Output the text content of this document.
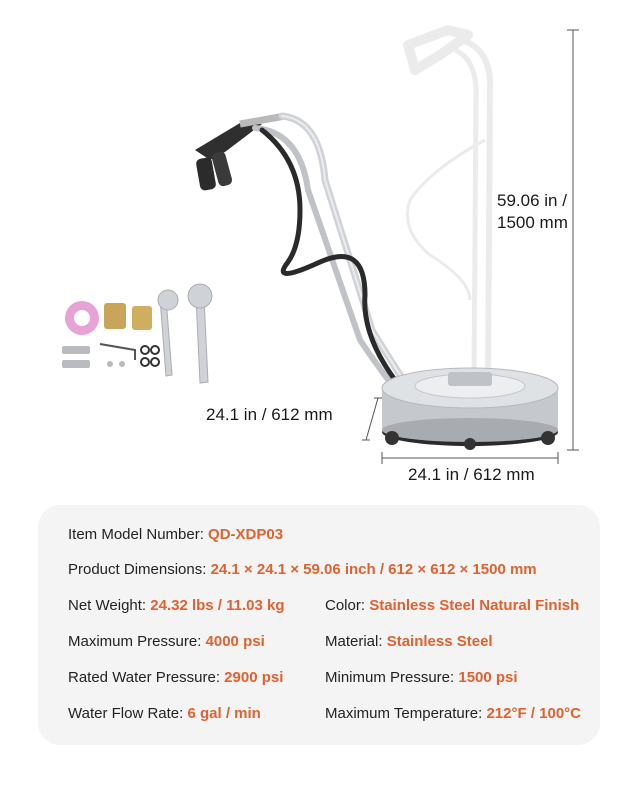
59.06 in /
1500 mm
24.1 in / 612 mm
24.1 in / 612 mm
Item Model Number: QD-XDP03
Product Dimensions: 24.1 × 24.1 × 59.06 inch / 612 × 612 × 1500 mm
Net Weight: 24.32 lbs / 11.03 kg	Color: Stainless Steel Natural Finish
Maximum Pressure: 4000 psi	Material: Stainless Steel
Rated Water Pressure: 2900 psi	Minimum Pressure: 1500 psi
Water Flow Rate: 6 gal / min	Maximum Temperature: 212°F / 100°C
